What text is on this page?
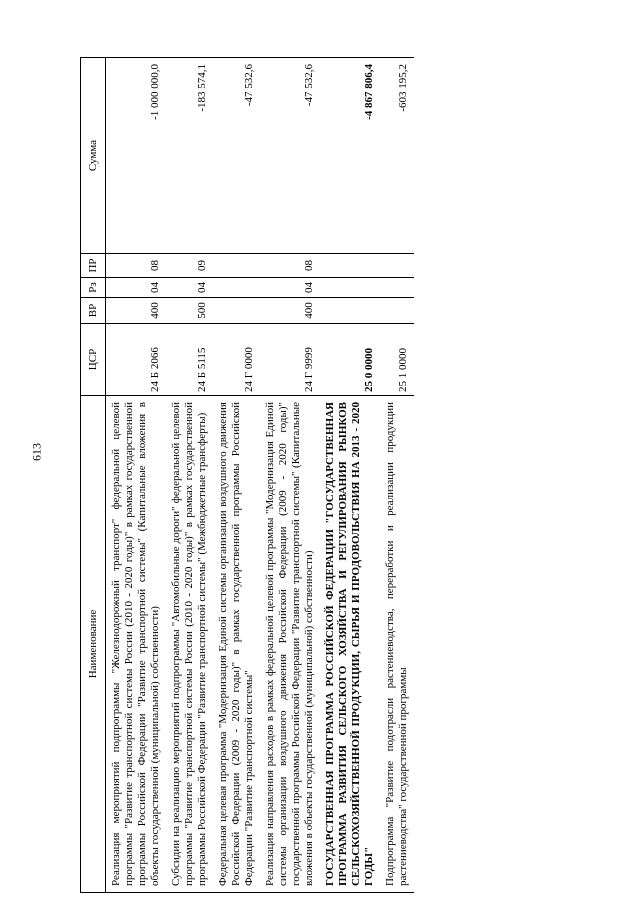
613
Наименование	ЦСР	ВР	Рз	ПР	Сумма
Реализация мероприятий подпрограммы "Железнодорожный транспорт" федеральной целевой программы "Развитие транспортной системы России (2010 - 2020 годы)" в рамках государственной программы Российской Федерации "Развитие транспортной системы" (Капитальные вложения в объекты государственной (муниципальной) собственности)	24 Б 2066	400	04	08	-1 000 000,0
Субсидии на реализацию мероприятий подпрограммы "Автомобильные дороги" федеральной целевой программы "Развитие транспортной системы России (2010 - 2020 годы)" в рамках государственной программы Российской Федерации "Развитие транспортной системы" (Межбюджетные трансферты)	24 Б 5115	500	04	09	-183 574,1
Федеральная целевая программа "Модернизация Единой системы организации воздушного движения Российской Федерации (2009 - 2020 годы)" в рамках государственной программы Российской Федерации "Развитие транспортной системы"	24 Г 0000				-47 532,6
Реализация направления расходов в рамках федеральной целевой программы "Модернизация Единой системы организации воздушного движения Российской Федерации (2009 - 2020 годы)" государственной программы Российской Федерации "Развитие транспортной системы" (Капитальные вложения в объекты государственной (муниципальной) собственности)	24 Г 9999	400	04	08	-47 532,6
ГОСУДАРСТВЕННАЯ ПРОГРАММА РОССИЙСКОЙ ФЕДЕРАЦИИ "ГОСУДАРСТВЕННАЯ ПРОГРАММА РАЗВИТИЯ СЕЛЬСКОГО ХОЗЯЙСТВА И РЕГУЛИРОВАНИЯ РЫНКОВ СЕЛЬСКОХОЗЯЙСТВЕННОЙ ПРОДУКЦИИ, СЫРЬЯ И ПРОДОВОЛЬСТВИЯ НА 2013 - 2020 ГОДЫ"	25 0 0000				-4 867 806,4
Подпрограмма "Развитие подотрасли растениеводства, переработки и реализации продукции растениеводства" государственной программы	25 1 0000				-603 195,2
